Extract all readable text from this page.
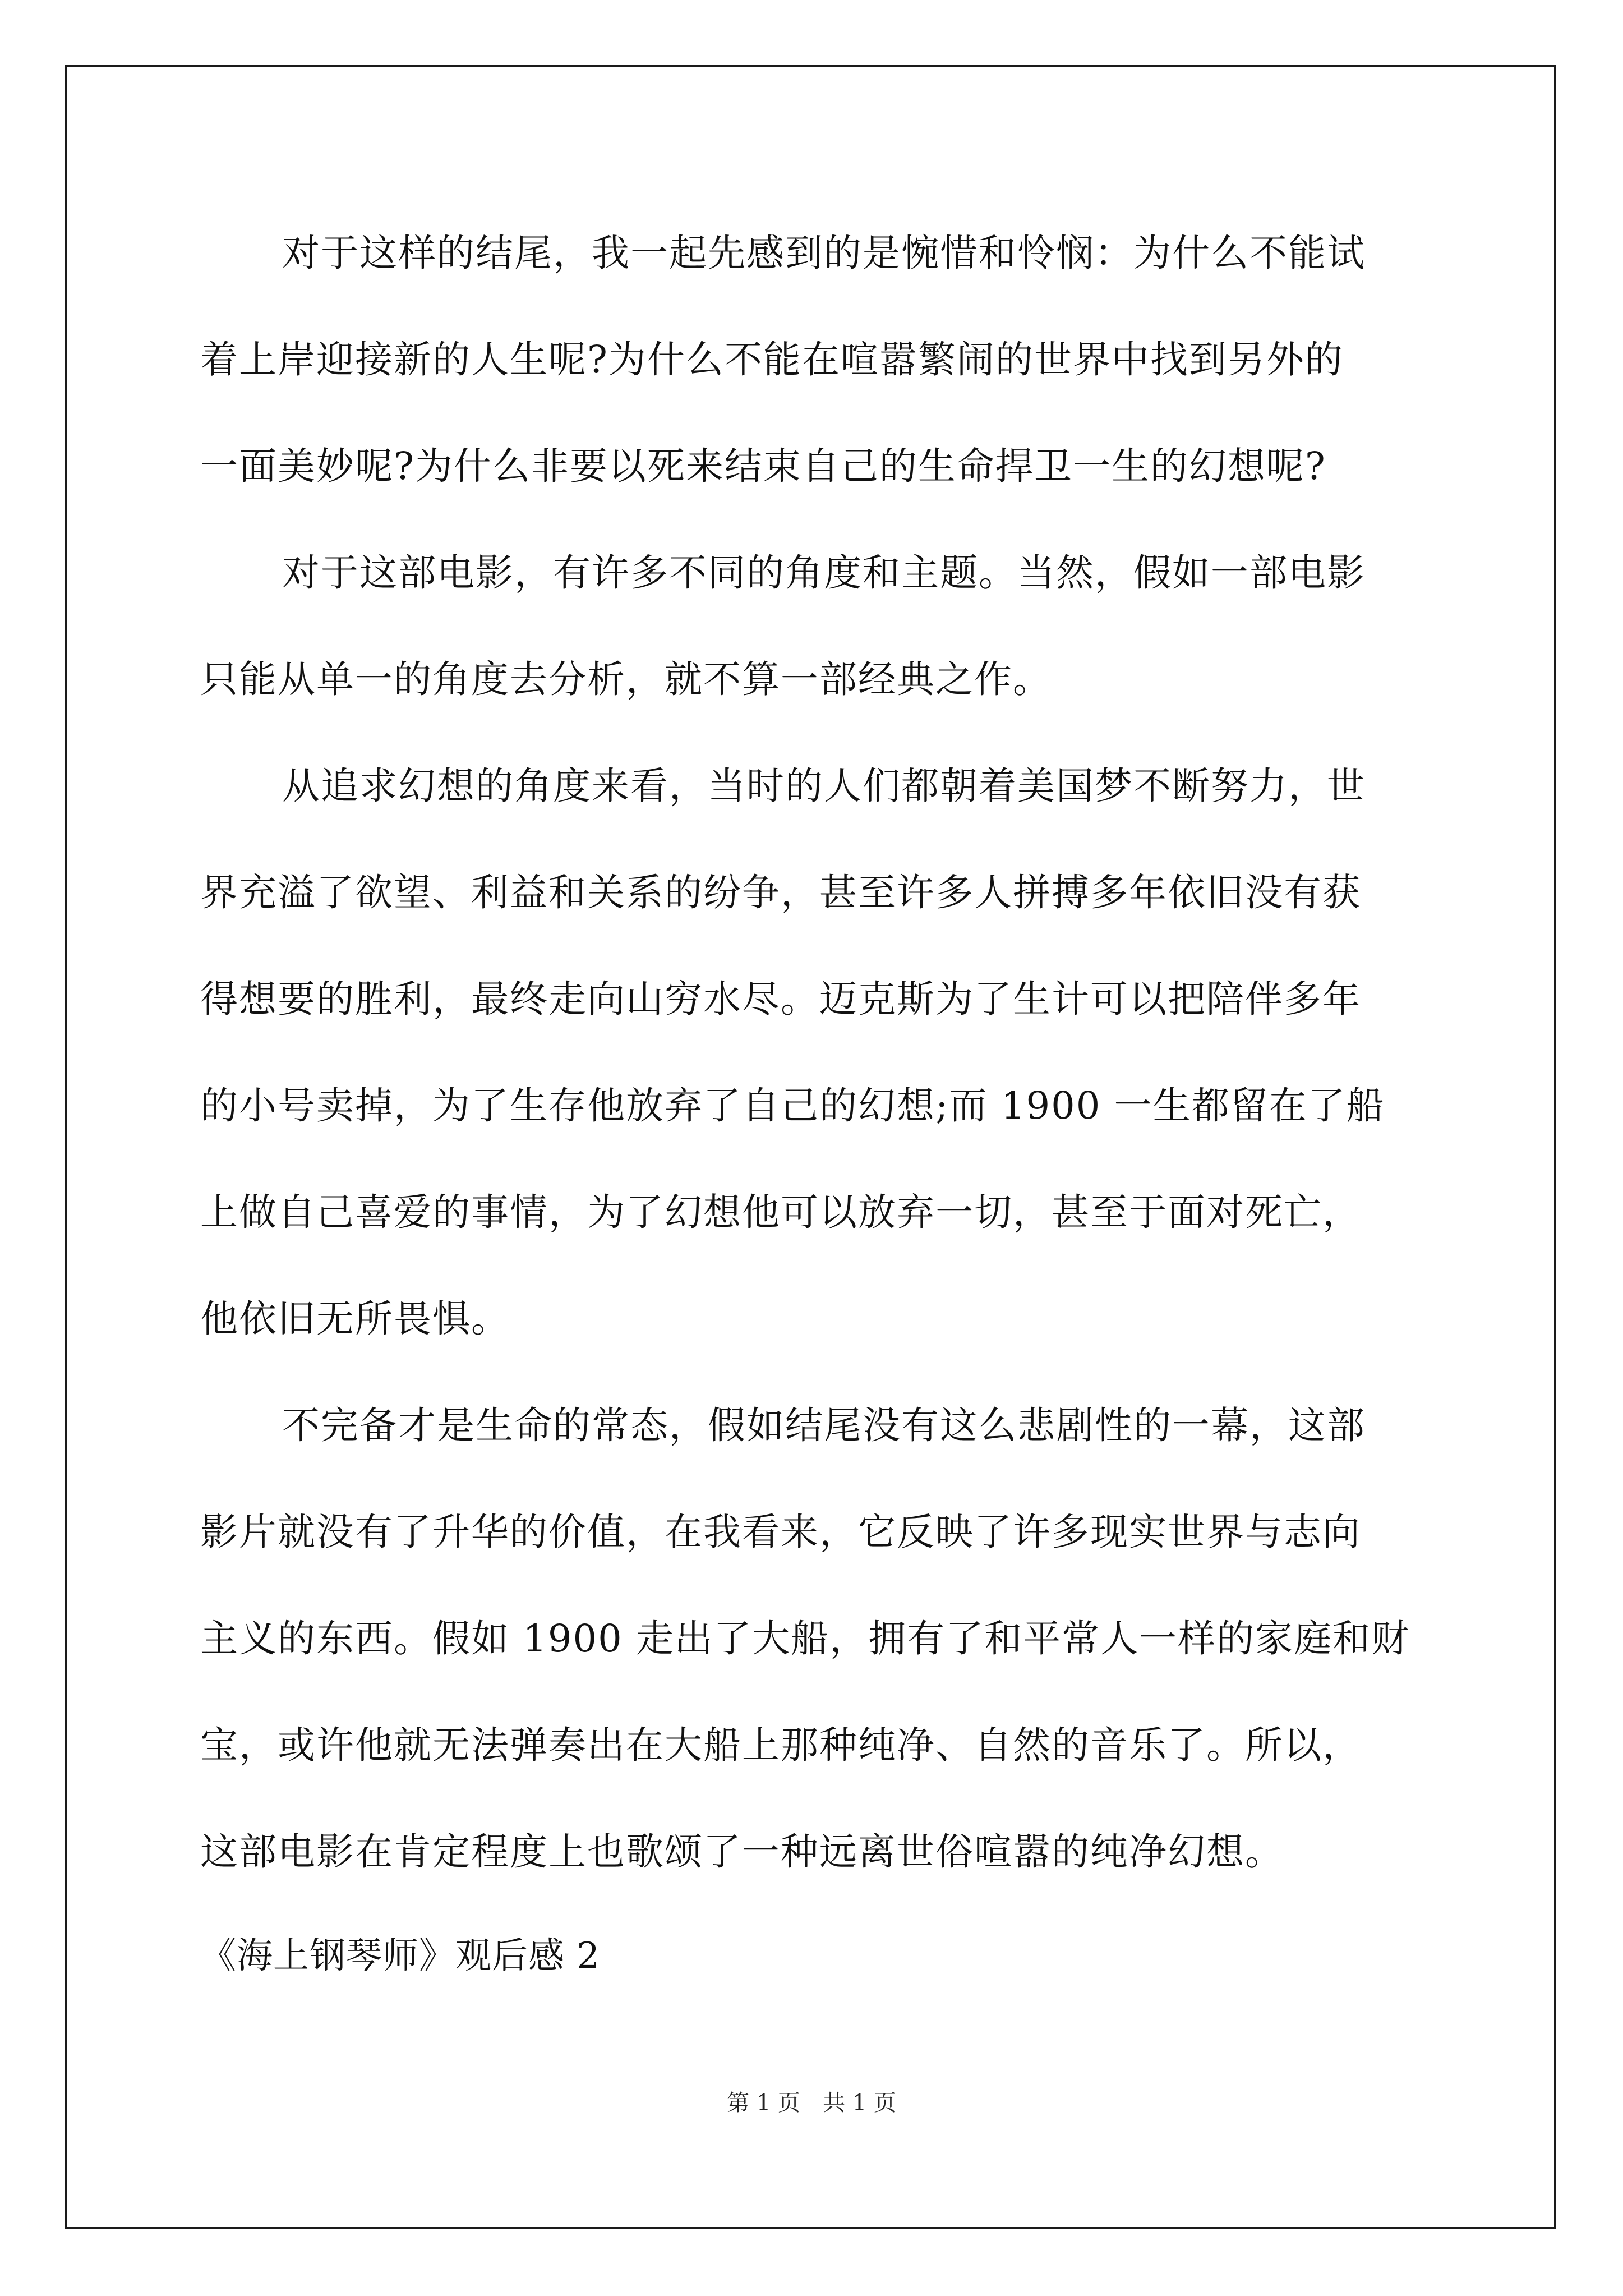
对于这样的结尾，我一起先感到的是惋惜和怜悯：为什么不能试
着上岸迎接新的人生呢?为什么不能在喧嚣繁闹的世界中找到另外的
一面美妙呢?为什么非要以死来结束自己的生命捍卫一生的幻想呢?
对于这部电影，有许多不同的角度和主题。当然，假如一部电影
只能从单一的角度去分析，就不算一部经典之作。
从追求幻想的角度来看，当时的人们都朝着美国梦不断努力，世
界充溢了欲望、利益和关系的纷争，甚至许多人拼搏多年依旧没有获
得想要的胜利，最终走向山穷水尽。迈克斯为了生计可以把陪伴多年
的小号卖掉，为了生存他放弃了自己的幻想;而 1900 一生都留在了船
上做自己喜爱的事情，为了幻想他可以放弃一切，甚至于面对死亡，
他依旧无所畏惧。
不完备才是生命的常态，假如结尾没有这么悲剧性的一幕，这部
影片就没有了升华的价值，在我看来，它反映了许多现实世界与志向
主义的东西。假如 1900 走出了大船，拥有了和平常人一样的家庭和财
宝，或许他就无法弹奏出在大船上那种纯净、自然的音乐了。所以，
这部电影在肯定程度上也歌颂了一种远离世俗喧嚣的纯净幻想。
《海上钢琴师》观后感 2
第 1 页　共 1 页
